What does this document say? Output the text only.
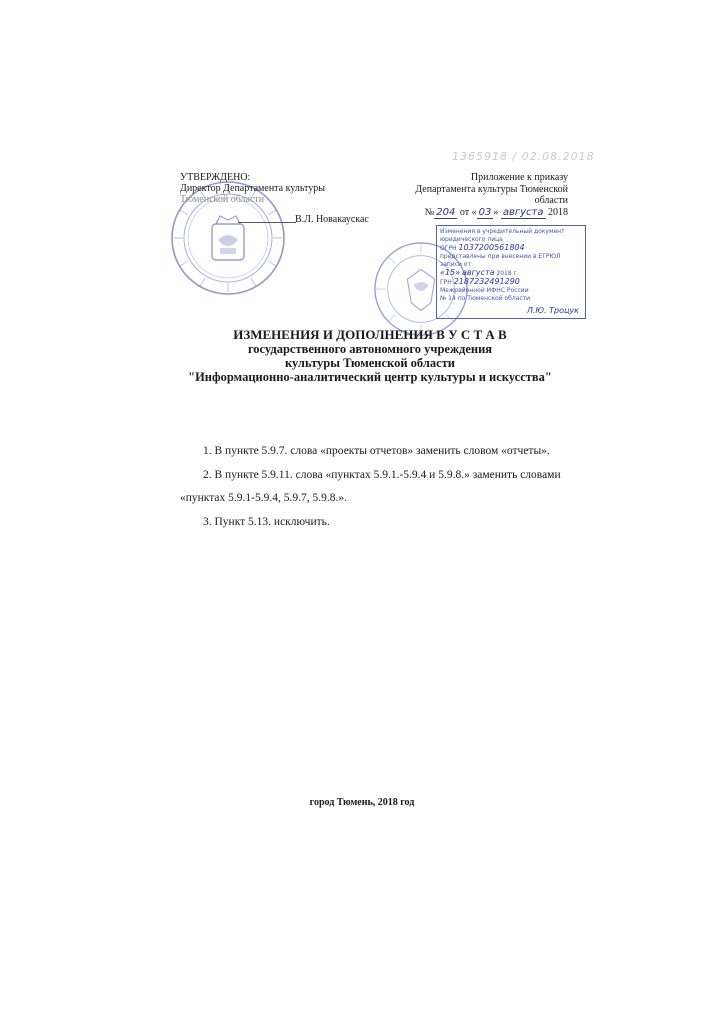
1365918 / 02.08.2018
УТВЕРЖДЕНО:
Директор Департамента культуры
Тюменской области
В.Л. Новакаускас
Приложение к приказу
Департамента культуры Тюменской
области
№ 204 от « 03 » августа 2018
Изменения в учредительный документ
юридического лица
ОГРН 1037200561804
представлены при внесении в ЕГРЮЛ
записи от
«15» августа 2018 г.
ГРН 2187232491290
Межрайонной ИФНС России
№ 14 по Тюменской области
Л.Ю. Троцук
ИЗМЕНЕНИЯ И ДОПОЛНЕНИЯ В У С Т А В
государственного автономного учреждения
культуры Тюменской области
"Информационно-аналитический центр культуры и искусства"

1. В пункте 5.9.7. слова «проекты отчетов» заменить словом «отчеты».

2. В пункте 5.9.11. слова «пунктах 5.9.1.-5.9.4 и 5.9.8.» заменить словами

«пунктах 5.9.1-5.9.4, 5.9.7, 5.9.8.».

3. Пункт 5.13. исключить.

город Тюмень, 2018 год
